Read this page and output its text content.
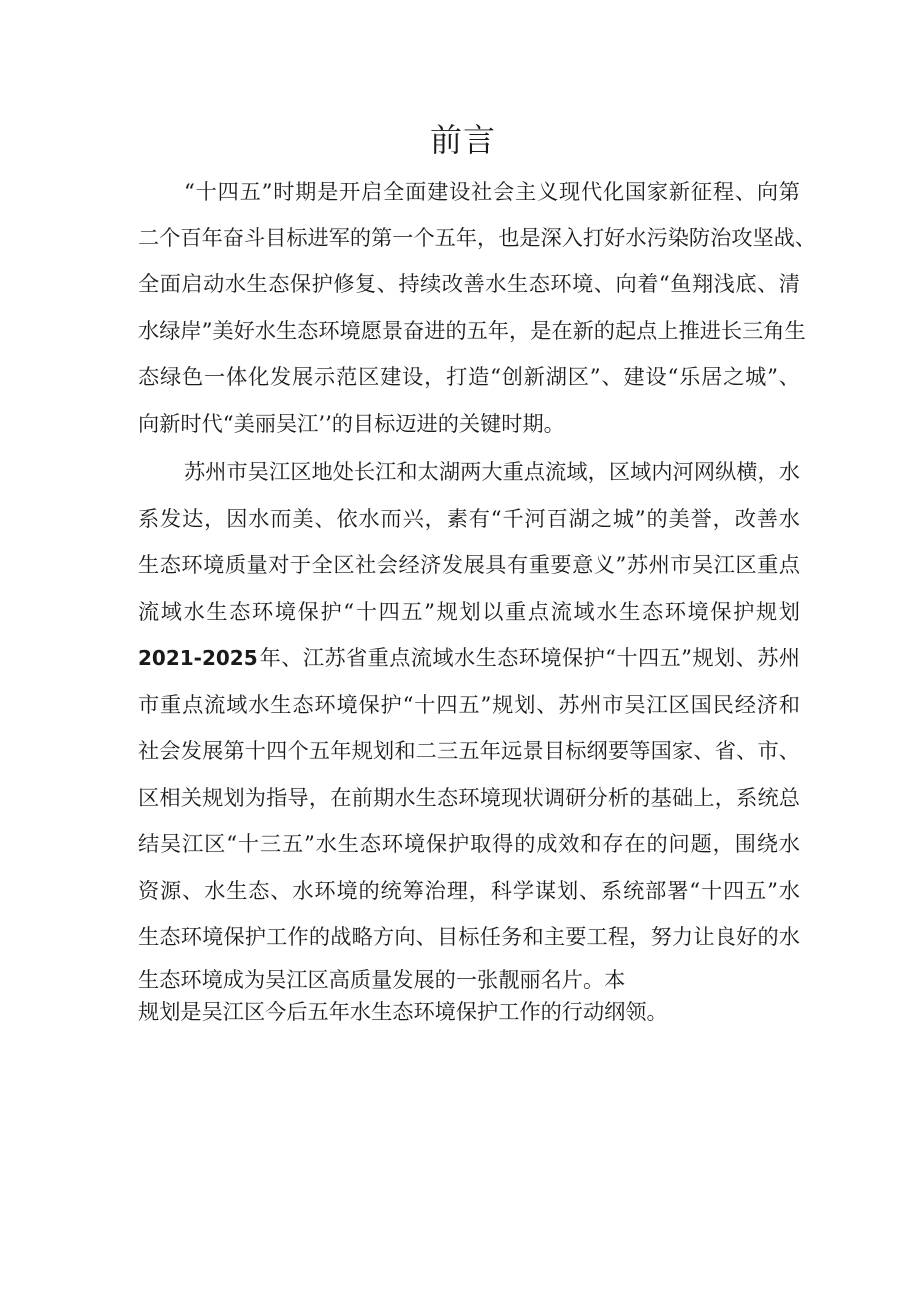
前言

“十四五”时期是开启全面建设社会主义现代化国家新征程、向第

二个百年奋斗目标进军的第一个五年，也是深入打好水污染防治攻坚战、

全面启动水生态保护修复、持续改善水生态环境、向着“鱼翔浅底、清

水绿岸”美好水生态环境愿景奋进的五年，是在新的起点上推进长三角生

态绿色一体化发展示范区建设，打造“创新湖区”、建设“乐居之城”、

向新时代“美丽吴江’’的目标迈进的关键时期。

苏州市吴江区地处长江和太湖两大重点流域，区域内河网纵横，水

系发达，因水而美、依水而兴，素有“千河百湖之城”的美誉，改善水

生态环境质量对于全区社会经济发展具有重要意义”苏州市吴江区重点

流域水生态环境保护“十四五”规划以重点流域水生态环境保护规划

2021-2025 年、江苏省重点流域水生态环境保护“十四五”规划、苏州

市重点流域水生态环境保护“十四五”规划、苏州市吴江区国民经济和

社会发展第十四个五年规划和二三五年远景目标纲要等国家、省、市、

区相关规划为指导，在前期水生态环境现状调研分析的基础上，系统总

结吴江区“十三五”水生态环境保护取得的成效和存在的问题，围绕水

资源、水生态、水环境的统筹治理，科学谋划、系统部署“十四五”水

生态环境保护工作的战略方向、目标任务和主要工程，努力让良好的水

生态环境成为吴江区高质量发展的一张靓丽名片。本

规划是吴江区今后五年水生态环境保护工作的行动纲领。
